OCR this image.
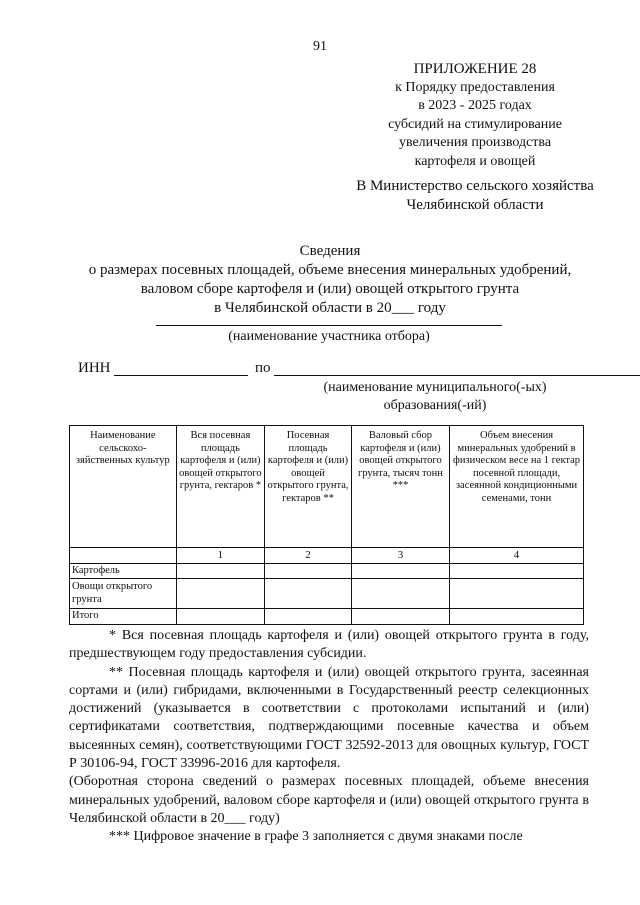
91
ПРИЛОЖЕНИЕ 28
к Порядку предоставления
в 2023 - 2025 годах
субсидий на стимулирование
увеличения производства
картофеля и овощей
В Министерство сельского хозяйства
Челябинской области
Сведения
о размерах посевных площадей, объеме внесения минеральных удобрений,
валовом сборе картофеля и (или) овощей открытого грунта
в Челябинской области в 20___ году
(наименование участника отбора)
ИНН	по
(наименование муниципального(-ых)
образования(-ий)
Наименование сельскохо-зяйственных культур	Вся посевная площадь картофеля и (или) овощей открытого грунта, гектаров *	Посевная площадь картофеля и (или) овощей открытого грунта, гектаров **	Валовый сбор картофеля и (или) овощей открытого грунта, тысяч тонн ***	Объем внесения минеральных удобрений в физическом весе на 1 гектар посевной площади, засеянной кондиционными семенами, тонн
	1	2	3	4
Картофель				
Овощи открытого грунта				
Итого				

* Вся посевная площадь картофеля и (или) овощей открытого грунта в году, предшествующем году предоставления субсидии.

** Посевная площадь картофеля и (или) овощей открытого грунта, засеянная сортами и (или) гибридами, включенными в Государственный реестр селекционных достижений (указывается в соответствии с протоколами испытаний и (или) сертификатами соответствия, подтверждающими посевные качества и объем высеянных семян), соответствующими ГОСТ 32592-2013 для овощных культур, ГОСТ Р 30106-94, ГОСТ 33996-2016 для картофеля.

(Оборотная сторона сведений о размерах посевных площадей, объеме внесения минеральных удобрений, валовом сборе картофеля и (или) овощей открытого грунта в Челябинской области в 20___ году)

*** Цифровое значение в графе 3 заполняется с двумя знаками после
